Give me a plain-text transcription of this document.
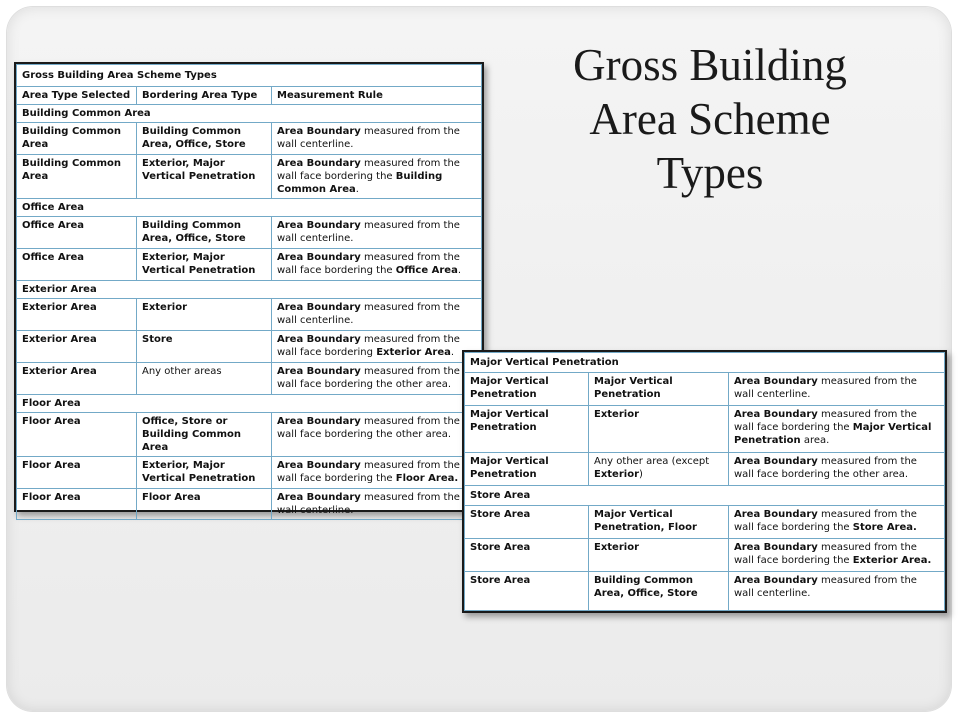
Gross Building
Area Scheme
Types
Gross Building Area Scheme Types		
Area Type Selected	Bordering Area Type	Measurement Rule
Building Common Area		
Building Common Area	Building Common Area, Office, Store	Area Boundary measured from the wall centerline.
Building Common Area	Exterior, Major Vertical Penetration	Area Boundary measured from the wall face bordering the Building Common Area.
Office Area		
Office Area	Building Common Area, Office, Store	Area Boundary measured from the wall centerline.
Office Area	Exterior, Major Vertical Penetration	Area Boundary measured from the wall face bordering the Office Area.
Exterior Area		
Exterior Area	Exterior	Area Boundary measured from the wall centerline.
Exterior Area	Store	Area Boundary measured from the wall face bordering Exterior Area.
Exterior Area	Any other areas	Area Boundary measured from the wall face bordering the other area.
Floor Area		
Floor Area	Office, Store or Building Common Area	Area Boundary measured from the wall face bordering the other area.
Floor Area	Exterior, Major Vertical Penetration	Area Boundary measured from the wall face bordering the Floor Area.
Floor Area	Floor Area	Area Boundary measured from the wall centerline.
Major Vertical Penetration		
Major Vertical Penetration	Major Vertical Penetration	Area Boundary measured from the wall centerline.
Major Vertical Penetration	Exterior	Area Boundary measured from the wall face bordering the Major Vertical Penetration area.
Major Vertical Penetration	Any other area (except Exterior)	Area Boundary measured from the wall face bordering the other area.
Store Area		
Store Area	Major Vertical Penetration, Floor	Area Boundary measured from the wall face bordering the Store Area.
Store Area	Exterior	Area Boundary measured from the wall face bordering the Exterior Area.
Store Area	Building Common Area, Office, Store	Area Boundary measured from the wall centerline.
